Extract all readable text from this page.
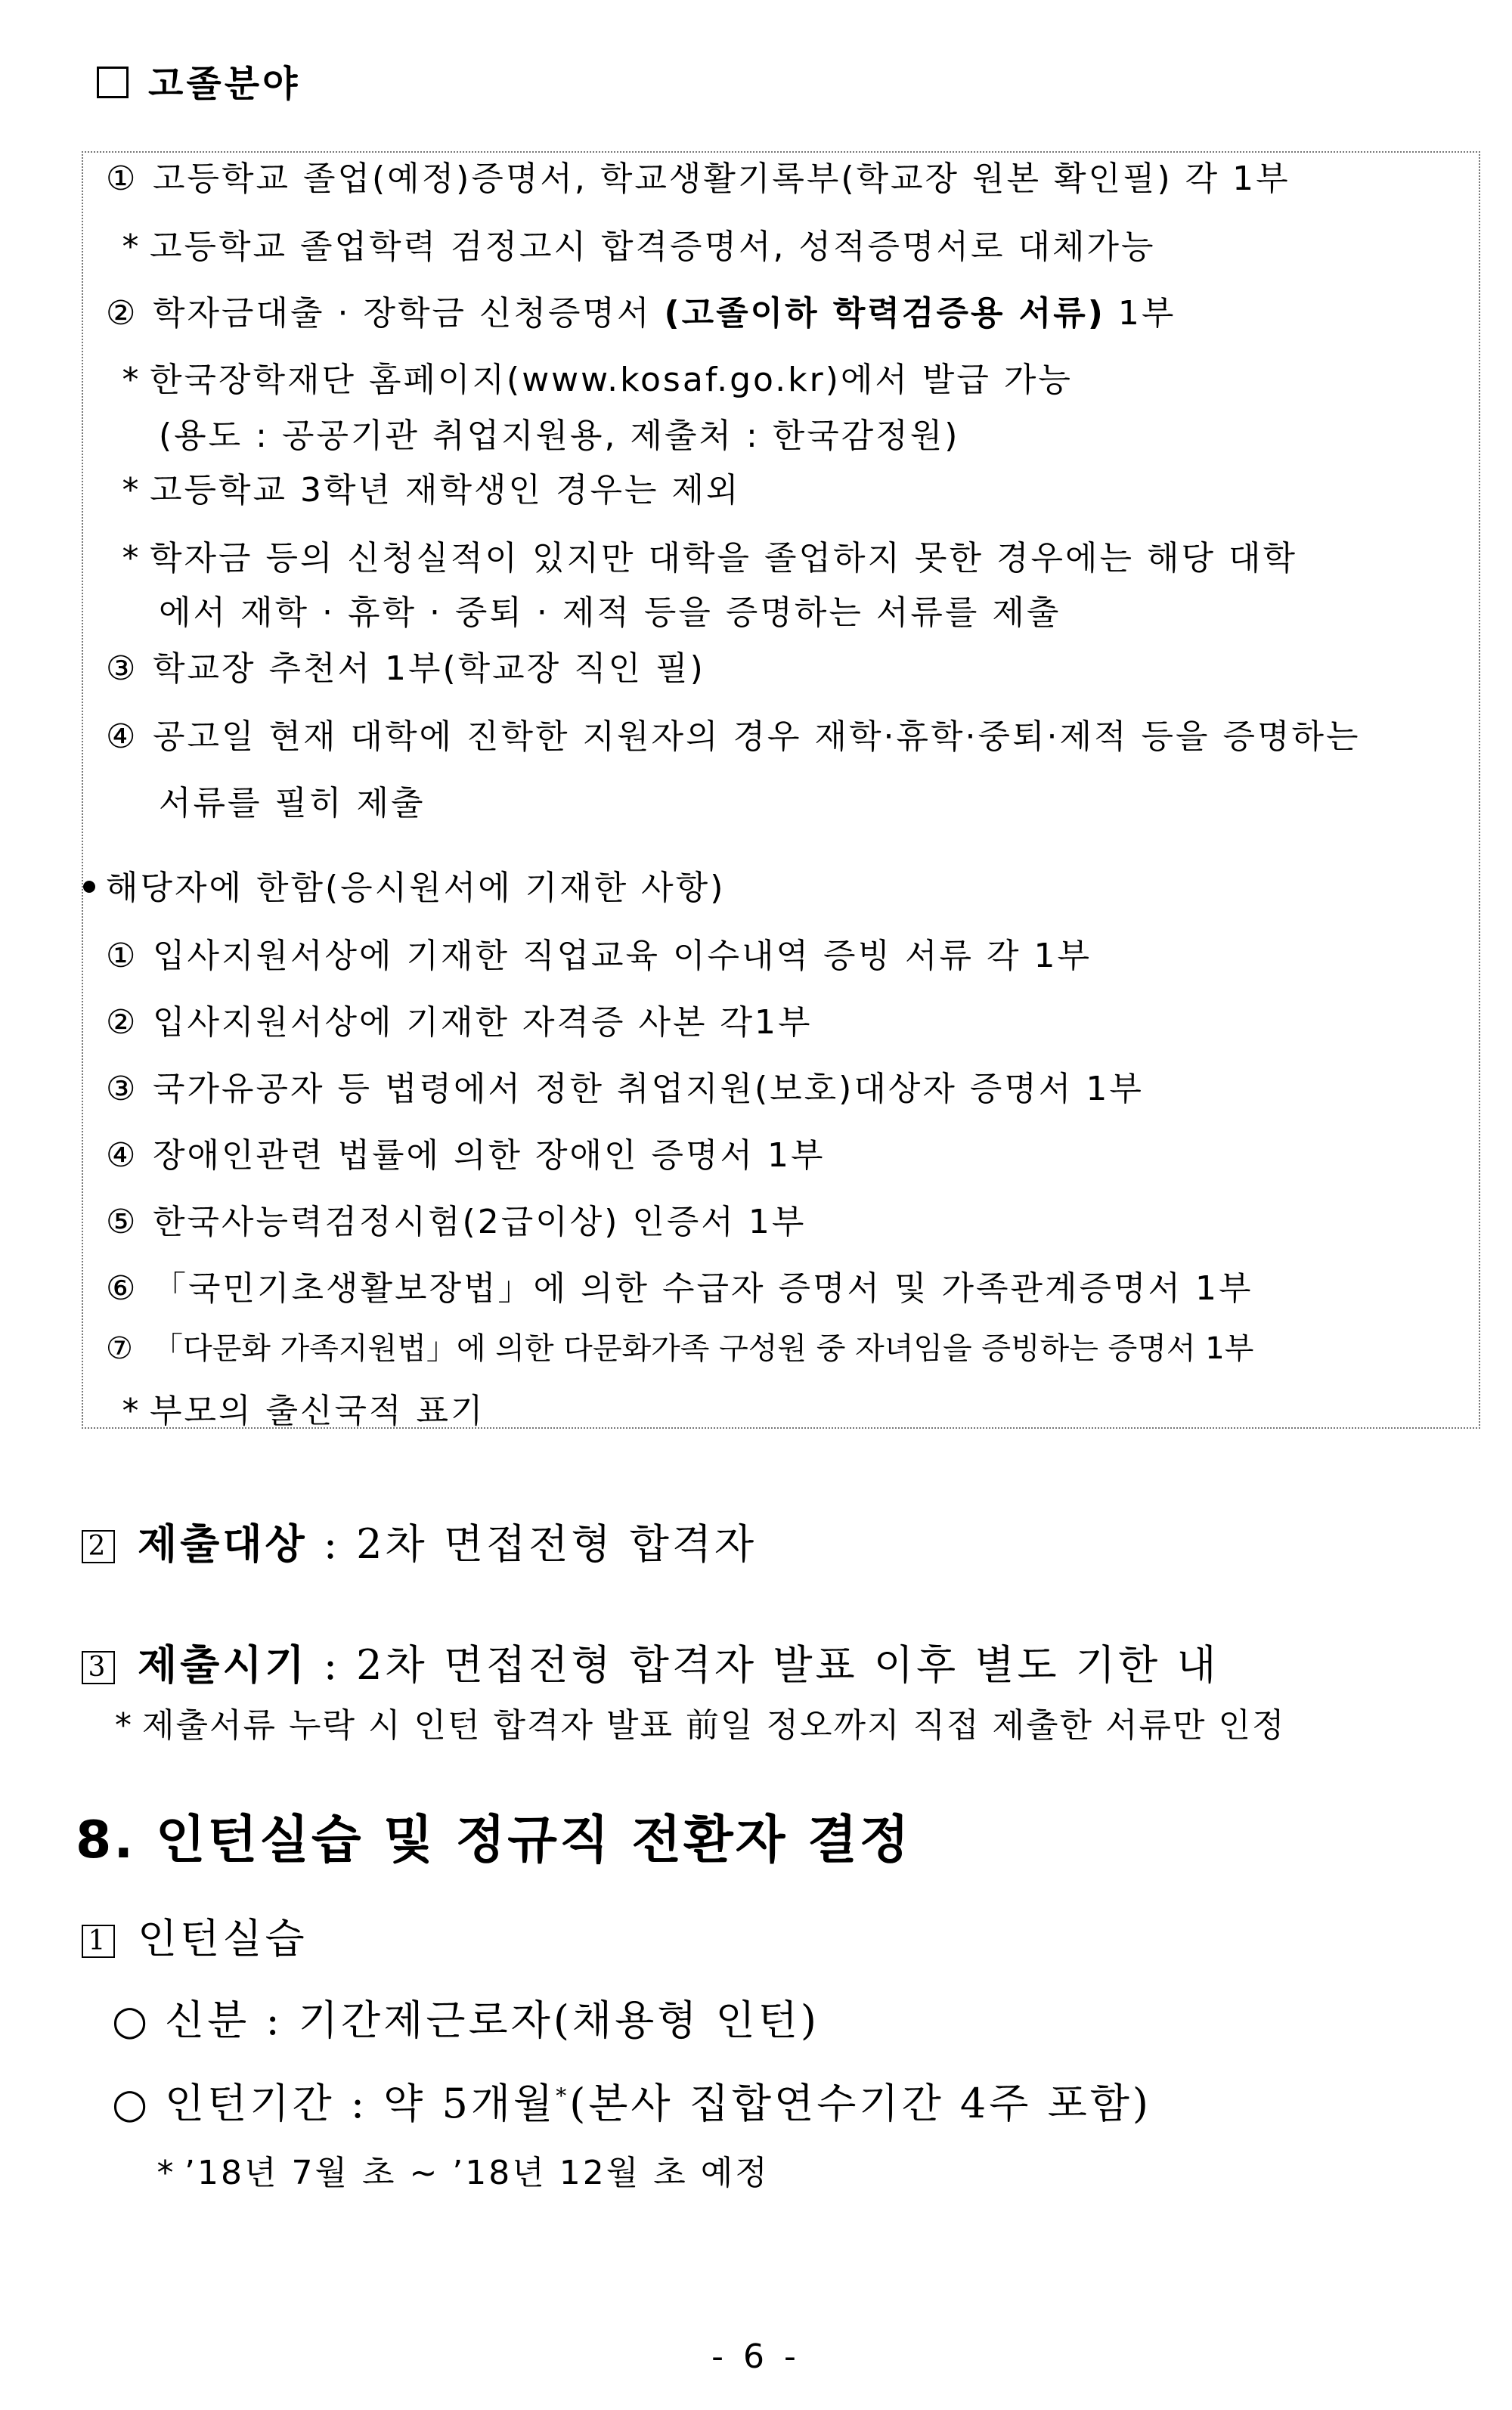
고졸분야
① 고등학교 졸업(예정)증명서, 학교생활기록부(학교장 원본 확인필) 각 1부
* 고등학교 졸업학력 검정고시 합격증명서, 성적증명서로 대체가능
② 학자금대출 · 장학금 신청증명서 (고졸이하 학력검증용 서류) 1부
* 한국장학재단 홈페이지(www.kosaf.go.kr)에서 발급 가능
(용도 : 공공기관 취업지원용, 제출처 : 한국감정원)
* 고등학교 3학년 재학생인 경우는 제외
* 학자금 등의 신청실적이 있지만 대학을 졸업하지 못한 경우에는 해당 대학
에서 재학 · 휴학 · 중퇴 · 제적 등을 증명하는 서류를 제출
③ 학교장 추천서 1부(학교장 직인 필)
④ 공고일 현재 대학에 진학한 지원자의 경우 재학·휴학·중퇴·제적 등을 증명하는
서류를 필히 제출
해당자에 한함(응시원서에 기재한 사항)
① 입사지원서상에 기재한 직업교육 이수내역 증빙 서류 각 1부
② 입사지원서상에 기재한 자격증 사본 각1부
③ 국가유공자 등 법령에서 정한 취업지원(보호)대상자 증명서 1부
④ 장애인관련 법률에 의한 장애인 증명서 1부
⑤ 한국사능력검정시험(2급이상) 인증서 1부
⑥ 「국민기초생활보장법」에 의한 수급자 증명서 및 가족관계증명서 1부
⑦ 「다문화 가족지원법」에 의한 다문화가족 구성원 중 자녀임을 증빙하는 증명서 1부
* 부모의 출신국적 표기
2 제출대상 : 2차 면접전형 합격자
3 제출시기 : 2차 면접전형 합격자 발표 이후 별도 기한 내
* 제출서류 누락 시 인턴 합격자 발표 前일 정오까지 직접 제출한 서류만 인정
8. 인턴실습 및 정규직 전환자 결정
1 인턴실습
○ 신분 : 기간제근로자(채용형 인턴)
○ 인턴기간 : 약 5개월*(본사 집합연수기간 4주 포함)
* ’18년 7월 초 ~ ’18년 12월 초 예정
- 6 -
